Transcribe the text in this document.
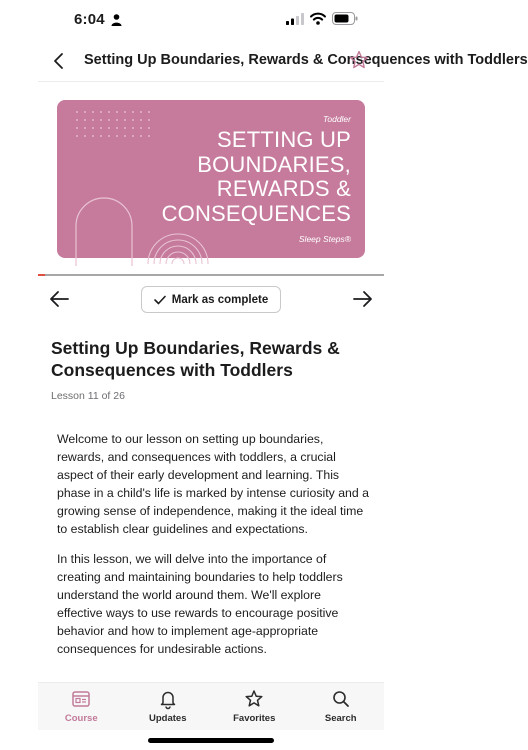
6:04
Setting Up Boundaries, Rewards & Consequences with Toddlers
Toddler
SETTING UP BOUNDARIES, REWARDS & CONSEQUENCES
Sleep Steps®
Mark as complete
Setting Up Boundaries, Rewards & Consequences with Toddlers
Lesson 11 of 26

Welcome to our lesson on setting up boundaries, rewards, and consequences with toddlers, a crucial aspect of their early development and learning. This phase in a child's life is marked by intense curiosity and a growing sense of independence, making it the ideal time to establish clear guidelines and expectations.

In this lesson, we will delve into the importance of creating and maintaining boundaries to help toddlers understand the world around them. We'll explore effective ways to use rewards to encourage positive behavior and how to implement age-appropriate consequences for undesirable actions.

Course	Updates	Favorites	Search
